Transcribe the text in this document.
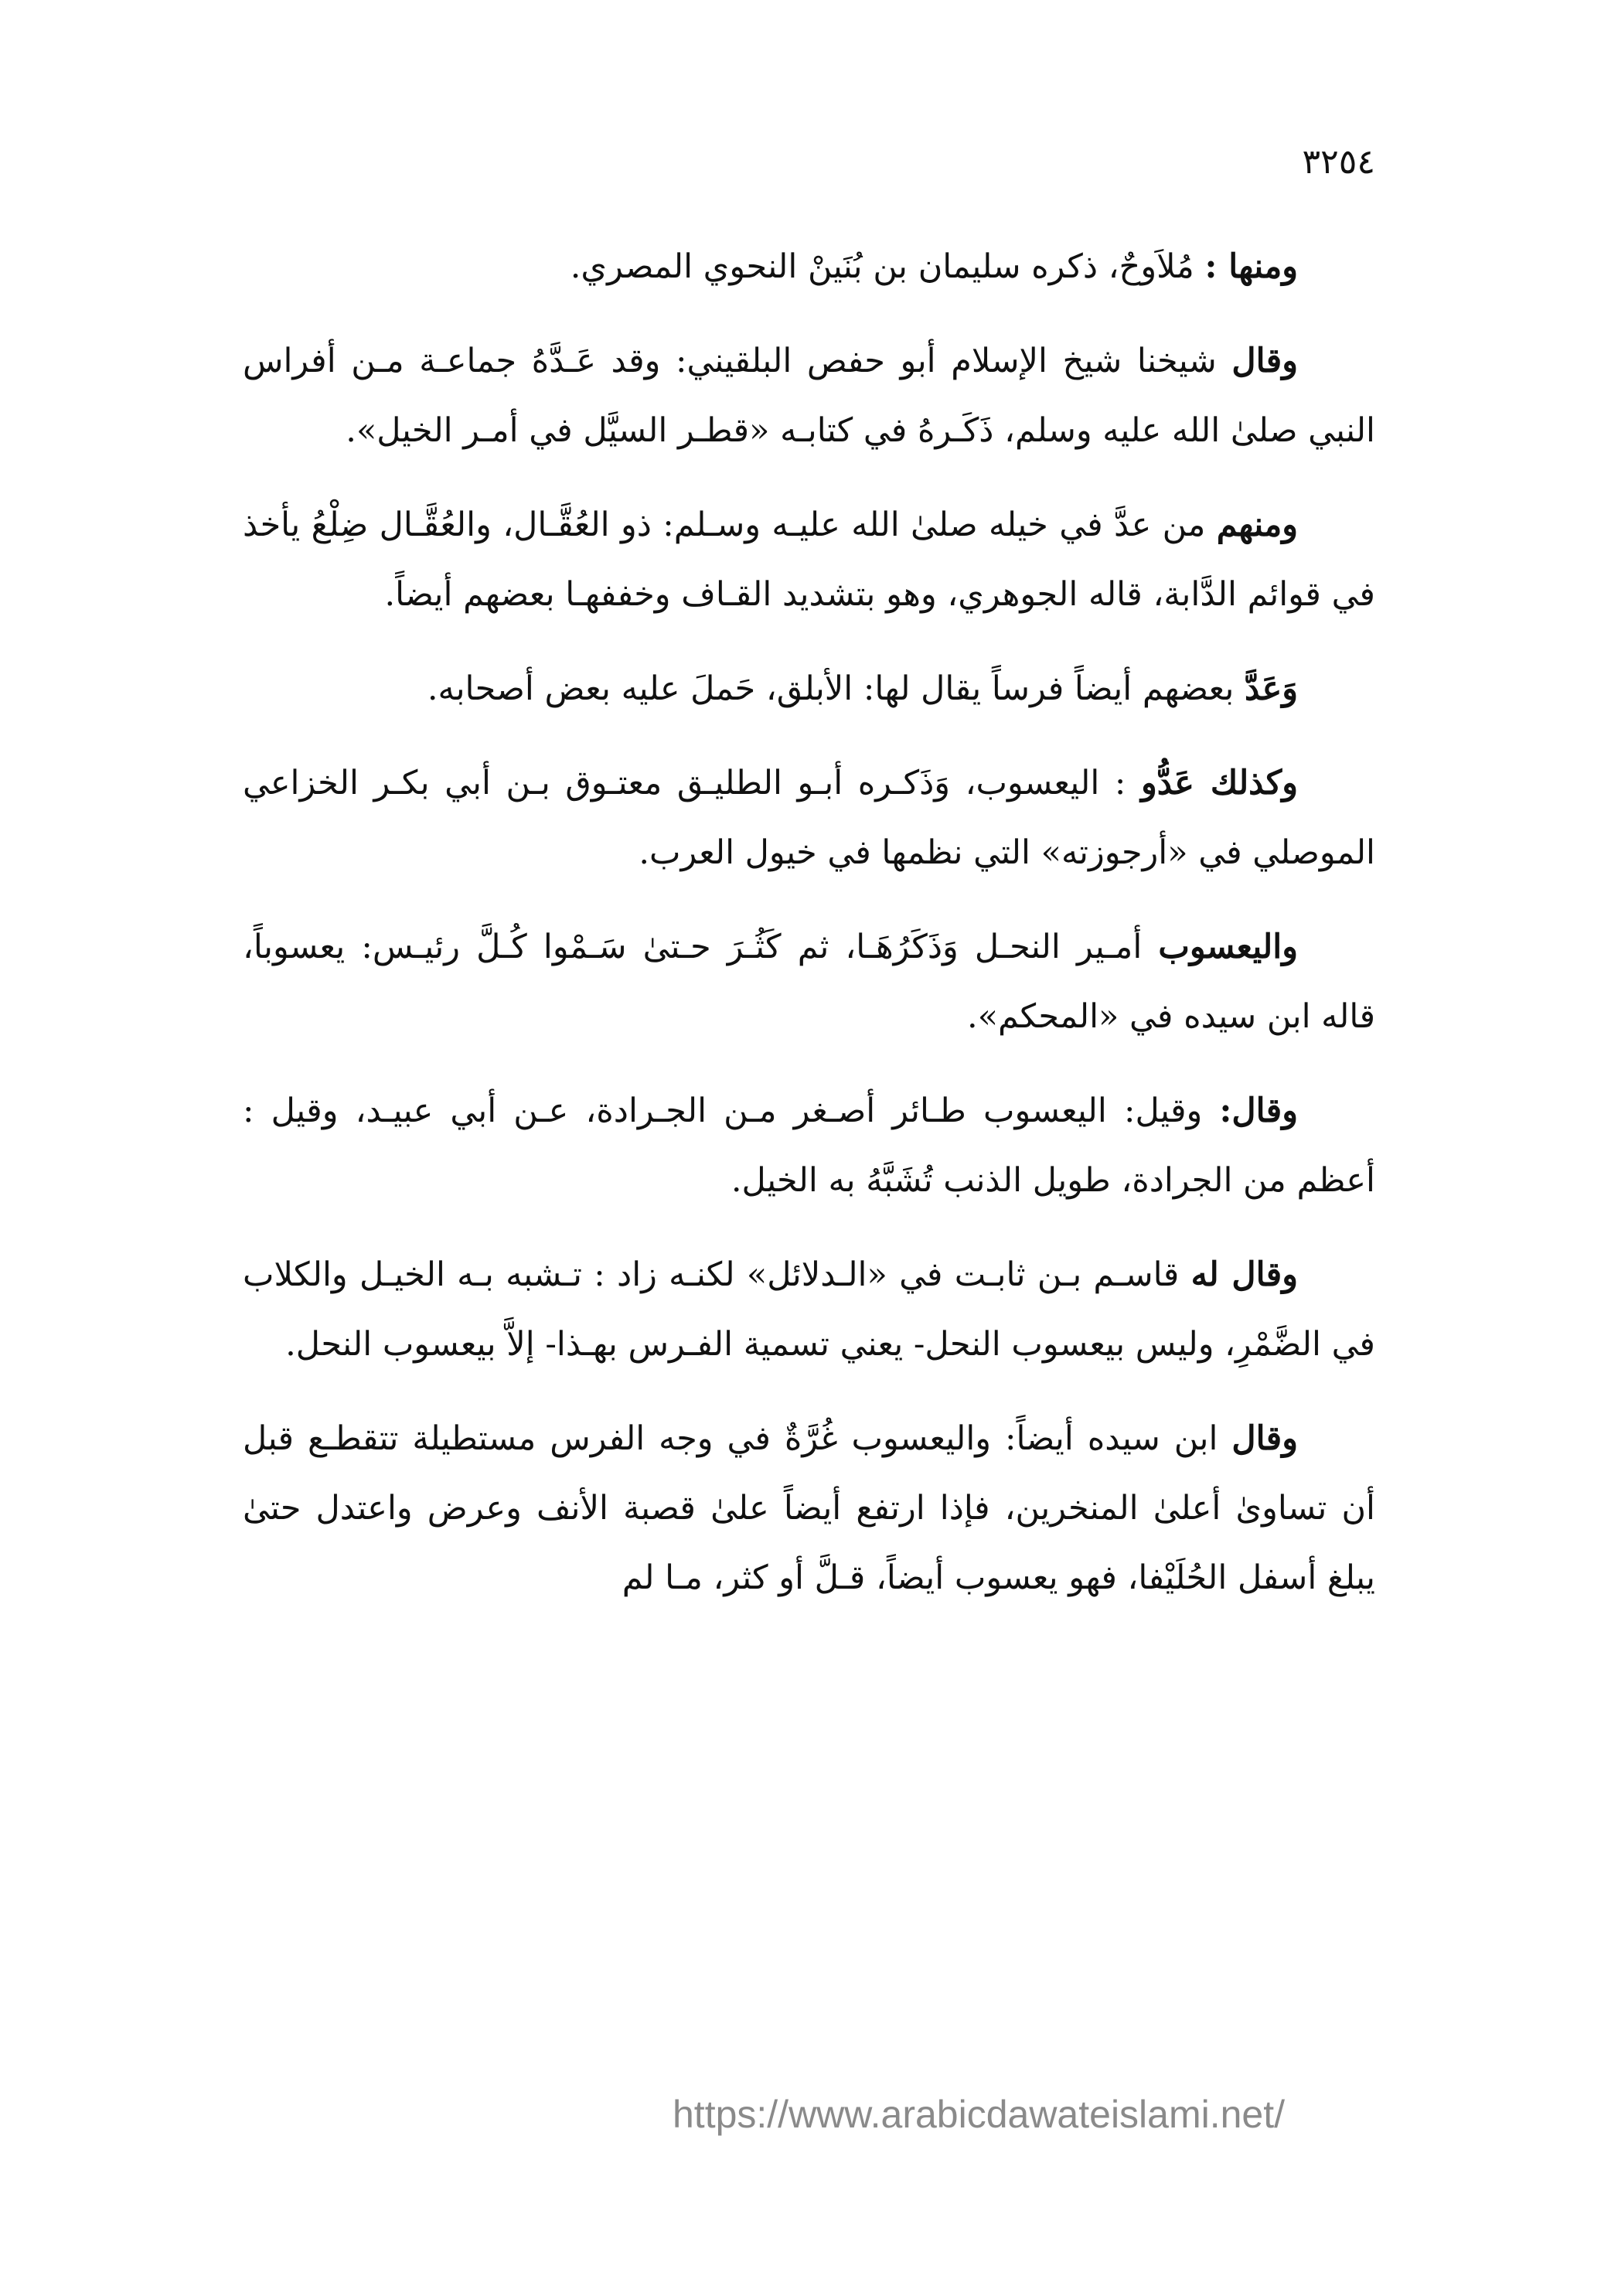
٣٢٥٤

ومنها : مُلاَوحٌ، ذكره سليمان بن بُنَينْ النحوي المصري.

وقال شيخنا شيخ الإسلام أبو حفص البلقيني: وقد عَـدَّهُ جماعـة مـن أفراس النبي صلىٰ الله عليه وسلم، ذَكَـرهُ في كتابـه «قطـر السيَّل في أمـر الخيل».

ومنهم من عدَّ في خيله صلىٰ الله عليـه وسـلم: ذو العُقَّـال، والعُقَّـال ضِلْعُ يأخذ في قوائم الدَّابة، قاله الجوهري، وهو بتشديد القـاف وخففهـا بعضهم أيضاً.

وَعَدَّ بعضهم أيضاً فرساً يقال لها: الأبلق، حَملَ عليه بعض أصحابه.

وكذلك عَدُّو : اليعسوب، وَذَكـره أبـو الطليـق معتـوق بـن أبي بكـر الخزاعي الموصلي في «أرجوزته» التي نظمها في خيول العرب.

واليعسوب أمـير النحـل وَذَكَرُهَـا، ثم كَثُـرَ حـتىٰ سَـمْوا كُـلَّ رئيـس: يعسوباً، قاله ابن سيده في «المحكم».

وقال: وقيل: اليعسوب طـائر أصـغر مـن الجـرادة، عـن أبي عبيـد، وقيل : أعظم من الجرادة، طويل الذنب تُشَبَّهُ به الخيل.

وقال له قاسـم بـن ثابـت في «الـدلائل» لكنـه زاد : تـشبه بـه الخيـل والكلاب في الضَّمْرِ، وليس بيعسوب النحل- يعني تسمية الفـرس بهـذا- إلاَّ بيعسوب النحل.

وقال ابن سيده أيضاً: واليعسوب غُرَّةٌ في وجه الفرس مستطيلة تتقطـع قبل أن تساوىٰ أعلىٰ المنخرين، فإذا ارتفع أيضاً علىٰ قصبة الأنف وعرض واعتدل حتىٰ يبلغ أسفل الحُلَيْفا، فهو يعسوب أيضاً، قـلَّ أو كثر، مـا لم

https://www.arabicdawateislami.net/
